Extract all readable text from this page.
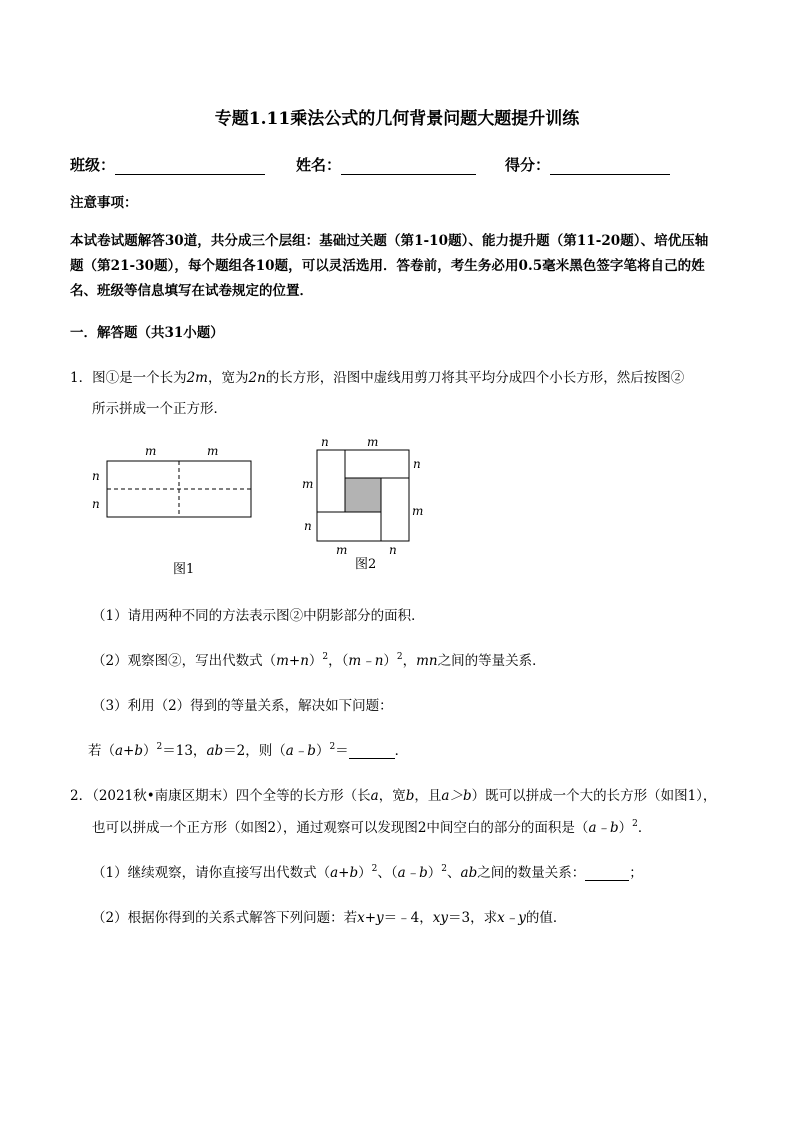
专题1.11乘法公式的几何背景问题大题提升训练
班级：	姓名：	得分：
注意事项：
本试卷试题解答30道，共分成三个层组：基础过关题（第1-10题）、能力提升题（第11-20题）、培优压轴
题（第21-30题），每个题组各10题，可以灵活选用．答卷前，考生务必用0.5毫米黑色签字笔将自己的姓
名、班级等信息填写在试卷规定的位置．
一．解答题（共31小题）
1．图①是一个长为2m，宽为2n的长方形，沿图中虚线用剪刀将其平均分成四个小长方形，然后按图②
所示拼成一个正方形．
m	m
n
n
图1
n	m
m
n
n
m
m	n
图2
（1）请用两种不同的方法表示图②中阴影部分的面积．
（2）观察图②，写出代数式$(m+n)^2$，（m﹣n）$^2$，mn之间的等量关系．
（3）利用（2）得到的等量关系，解决如下问题：
若$(a+b)^2=13$，ab＝2，则（a﹣b）$^2$＝	．
2．（2021秋•南康区期末）四个全等的长方形（长a，宽b，且a＞b）既可以拼成一个大的长方形（如图1），
也可以拼成一个正方形（如图2），通过观察可以发现图2中间空白的部分的面积是（a﹣b）$^2$．
（1）继续观察，请你直接写出代数式$(a+b)^2$、（a﹣b）$^2$、ab之间的数量关系：	；
（2）根据你得到的关系式解答下列问题：若x+y＝﹣4，xy＝3，求x﹣y的值．
